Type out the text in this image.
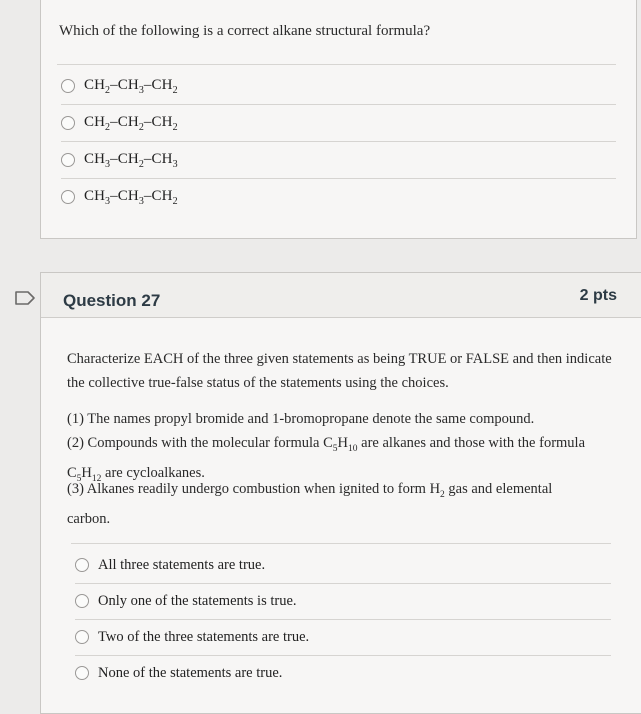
Which of the following is a correct alkane structural formula?
$CH_2-CH_3-CH_2$
$CH_2-CH_2-CH_2$
$CH_3-CH_2-CH_3$
$CH_3-CH_3-CH_2$
Question 27	2 pts
Characterize EACH of the three given statements as being TRUE or FALSE and then indicate the collective true-false status of the statements using the choices.
(1) The names propyl bromide and 1-bromopropane denote the same compound.
(2) Compounds with the molecular formula $C_5H_{10}$ are alkanes and those with the formula
$C_5H_{12}$ are cycloalkanes.
(3) Alkanes readily undergo combustion when ignited to form $H_2$ gas and elemental
carbon.
All three statements are true.
Only one of the statements is true.
Two of the three statements are true.
None of the statements are true.
